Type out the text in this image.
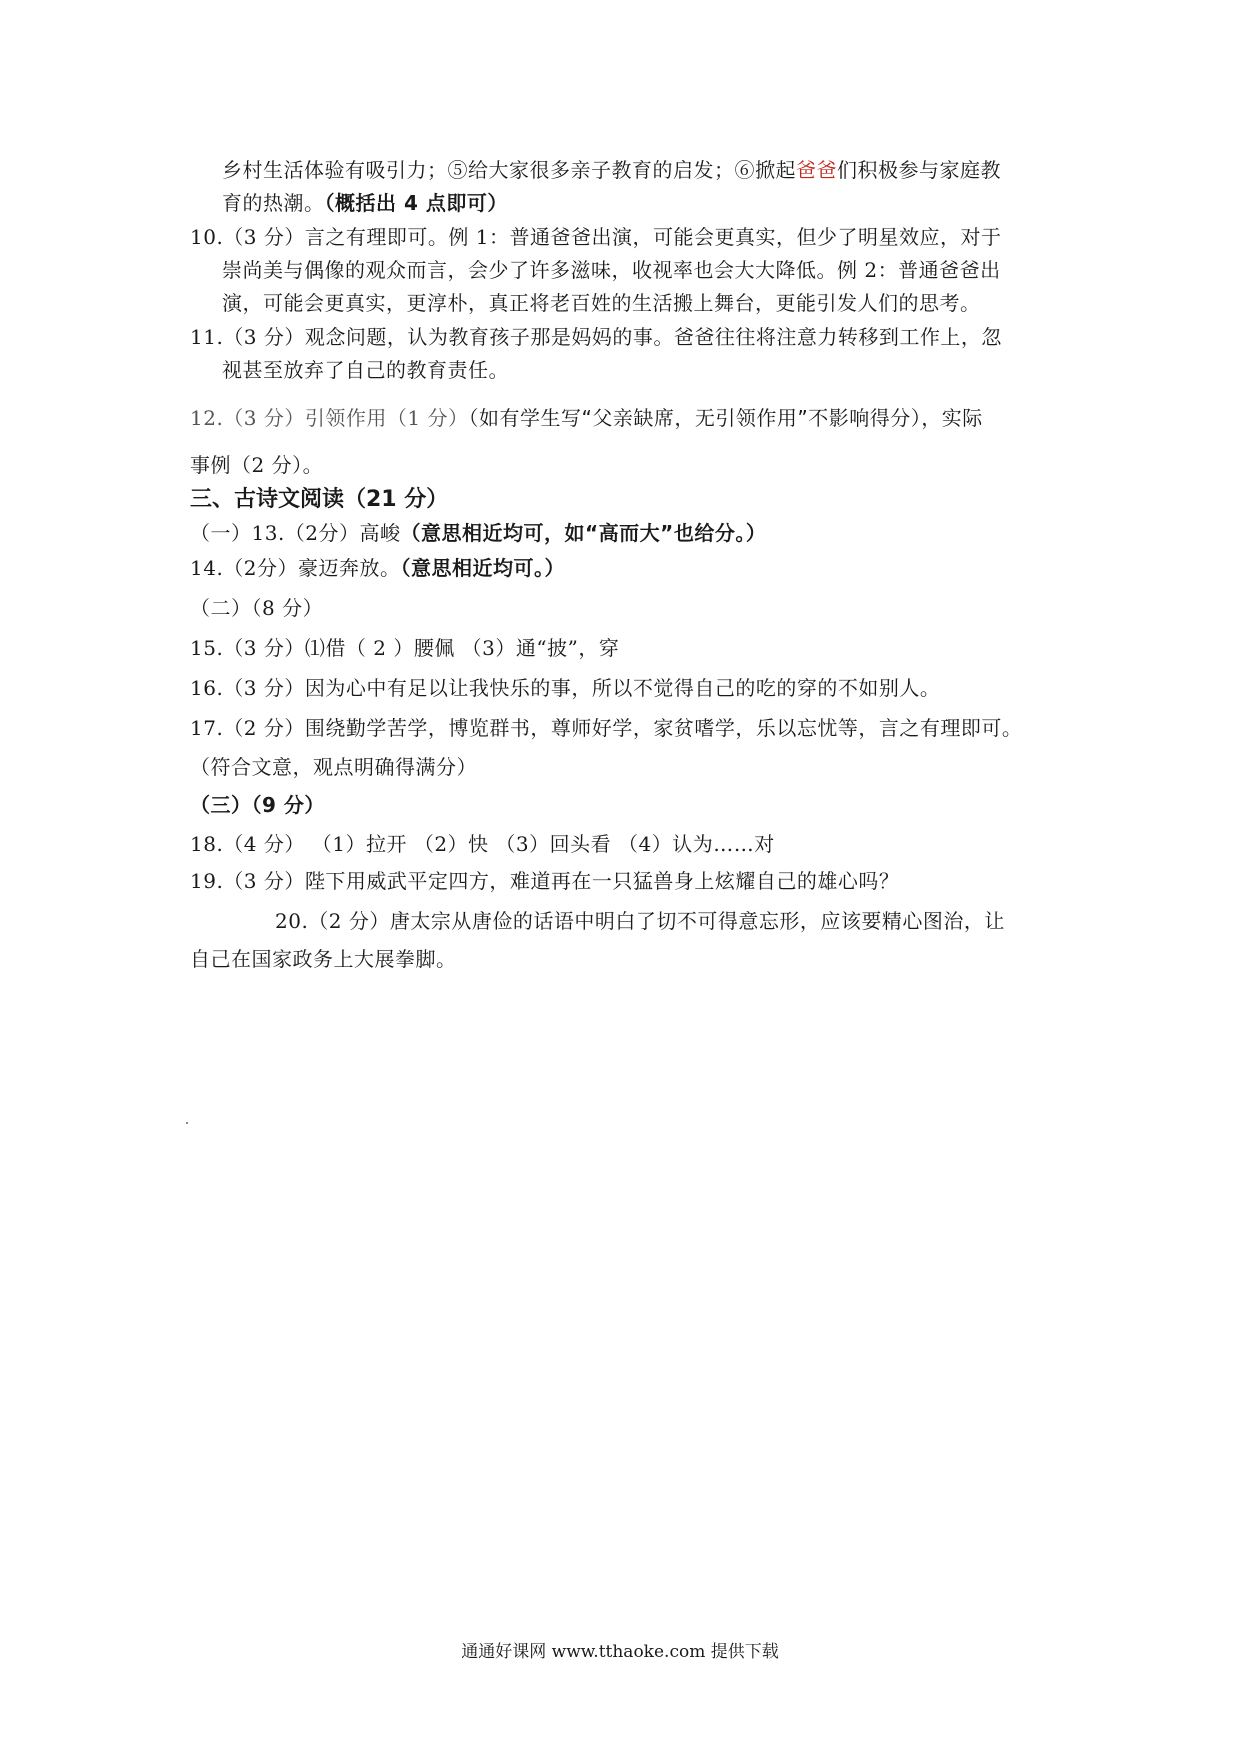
乡村生活体验有吸引力；⑤给大家很多亲子教育的启发；⑥掀起爸爸们积极参与家庭教
育的热潮。（概括出 4 点即可）
10.（3 分）言之有理即可。例 1：普通爸爸出演，可能会更真实，但少了明星效应，对于
崇尚美与偶像的观众而言，会少了许多滋味，收视率也会大大降低。例 2：普通爸爸出
演，可能会更真实，更淳朴，真正将老百姓的生活搬上舞台，更能引发人们的思考。
11.（3 分）观念问题，认为教育孩子那是妈妈的事。爸爸往往将注意力转移到工作上，忽
视甚至放弃了自己的教育责任。
12.（3 分）引领作用（1 分）（如有学生写“父亲缺席，无引领作用”不影响得分），实际
事例（2 分）。
三、古诗文阅读（21 分）
（一）13.（2分）高峻（意思相近均可，如“高而大”也给分。）
14.（2分）豪迈奔放。（意思相近均可。）
（二）（8 分）
15.（3 分）⑴借（ 2 ）腰佩 （3）通“披”，穿
16.（3 分）因为心中有足以让我快乐的事，所以不觉得自己的吃的穿的不如别人。
17.（2 分）围绕勤学苦学，博览群书，尊师好学，家贫嗜学，乐以忘忧等，言之有理即可。
（符合文意，观点明确得满分）
（三）（9 分）
18.（4 分） （1）拉开 （2）快 （3）回头看 （4）认为……对
19.（3 分）陛下用威武平定四方，难道再在一只猛兽身上炫耀自己的雄心吗？
20.（2 分）唐太宗从唐俭的话语中明白了切不可得意忘形，应该要精心图治，让
自己在国家政务上大展拳脚。
通通好课网 www.tthaoke.com 提供下载
